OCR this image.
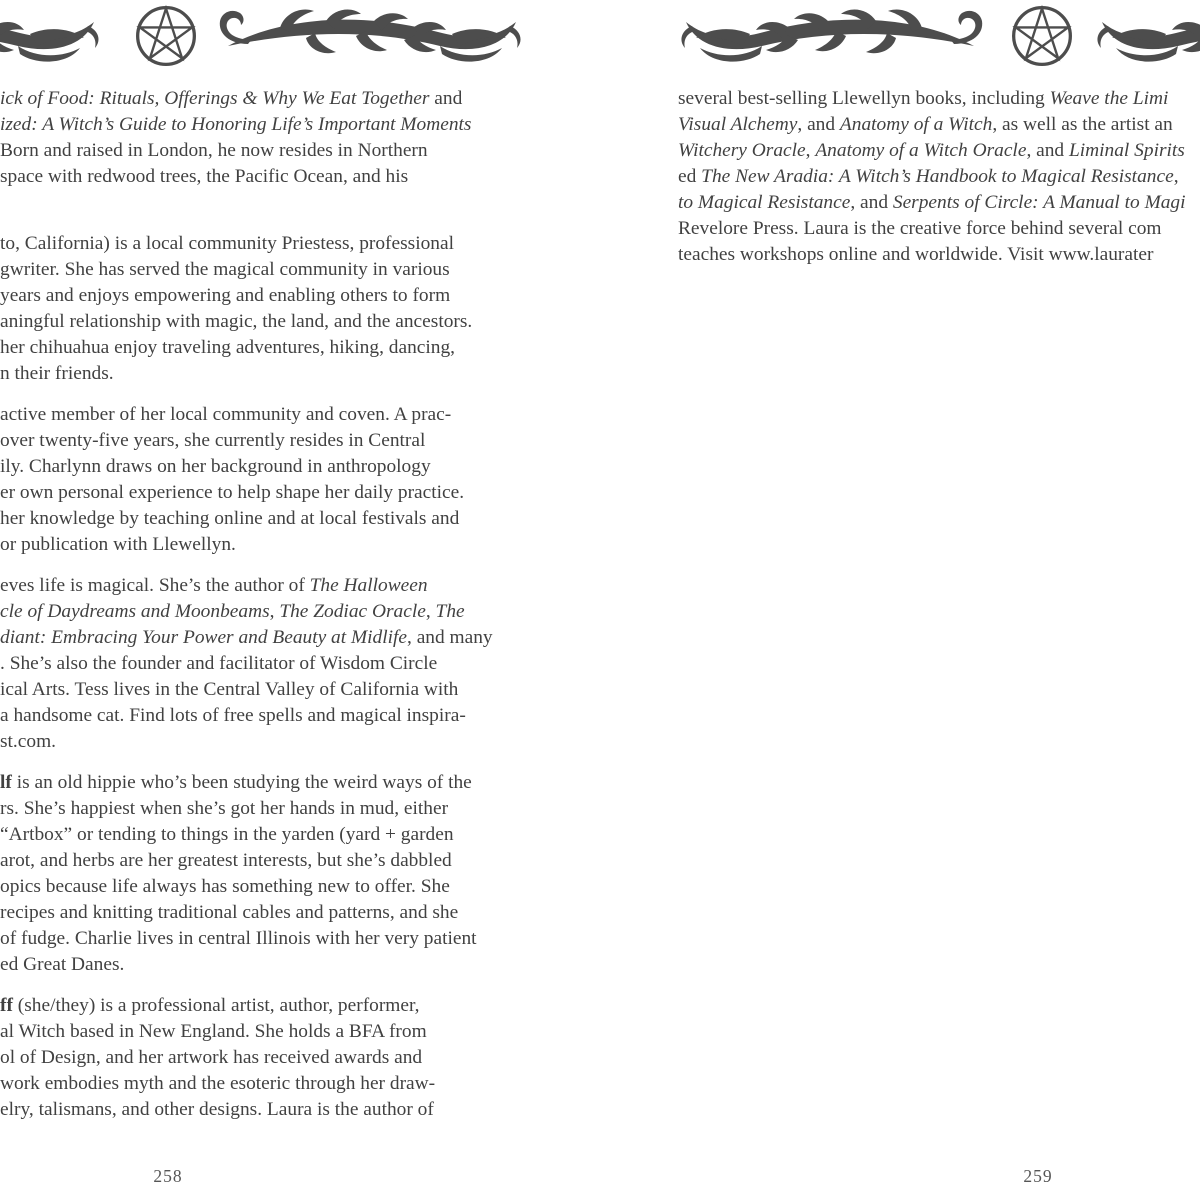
ick of Food: Rituals, Offerings & Why We Eat Together and
ized: A Witch’s Guide to Honoring Life’s Important Moments
Born and raised in London, he now resides in Northern
space with redwood trees, the Pacific Ocean, and his
to, California) is a local community Priestess, professional
gwriter. She has served the magical community in various
years and enjoys empowering and enabling others to form
aningful relationship with magic, the land, and the ancestors.
her chihuahua enjoy traveling adventures, hiking, dancing,
n their friends.
active member of her local community and coven. A prac-
over twenty-five years, she currently resides in Central
ily. Charlynn draws on her background in anthropology
er own personal experience to help shape her daily practice.
her knowledge by teaching online and at local festivals and
or publication with Llewellyn.
eves life is magical. She’s the author of The Halloween
cle of Daydreams and Moonbeams, The Zodiac Oracle, The
diant: Embracing Your Power and Beauty at Midlife, and many
. She’s also the founder and facilitator of Wisdom Circle
ical Arts. Tess lives in the Central Valley of California with
a handsome cat. Find lots of free spells and magical inspira-
st.com.
lf is an old hippie who’s been studying the weird ways of the
rs. She’s happiest when she’s got her hands in mud, either
“Artbox” or tending to things in the yarden (yard + garden
arot, and herbs are her greatest interests, but she’s dabbled
opics because life always has something new to offer. She
recipes and knitting traditional cables and patterns, and she
of fudge. Charlie lives in central Illinois with her very patient
ed Great Danes.
ff (she/they) is a professional artist, author, performer,
al Witch based in New England. She holds a BFA from
ol of Design, and her artwork has received awards and
work embodies myth and the esoteric through her draw-
elry, talismans, and other designs. Laura is the author of
several best-selling Llewellyn books, including Weave the Limi
Visual Alchemy, and Anatomy of a Witch, as well as the artist an
Witchery Oracle, Anatomy of a Witch Oracle, and Liminal Spirits
ed The New Aradia: A Witch’s Handbook to Magical Resistance,
to Magical Resistance, and Serpents of Circle: A Manual to Magi
Revelore Press. Laura is the creative force behind several com
teaches workshops online and worldwide. Visit www.laurater
258	259
